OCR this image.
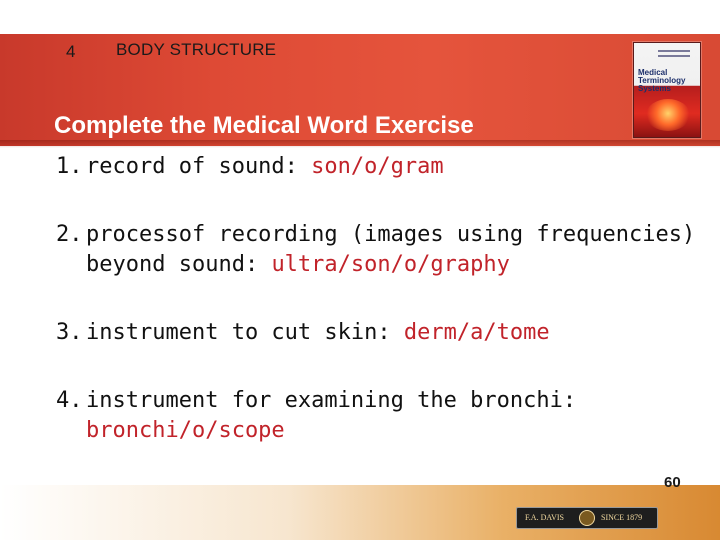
4 BODY STRUCTURE
Complete the Medical Word Exercise
Medical
Terminology
Systems
1. record of sound: son/o/gram
2. processof recording (images using frequencies) beyond sound: ultra/son/o/graphy
3. instrument to cut skin: derm/a/tome
4. instrument for examining the bronchi: bronchi/o/scope
F.A. DAVIS	SINCE 1879
60
